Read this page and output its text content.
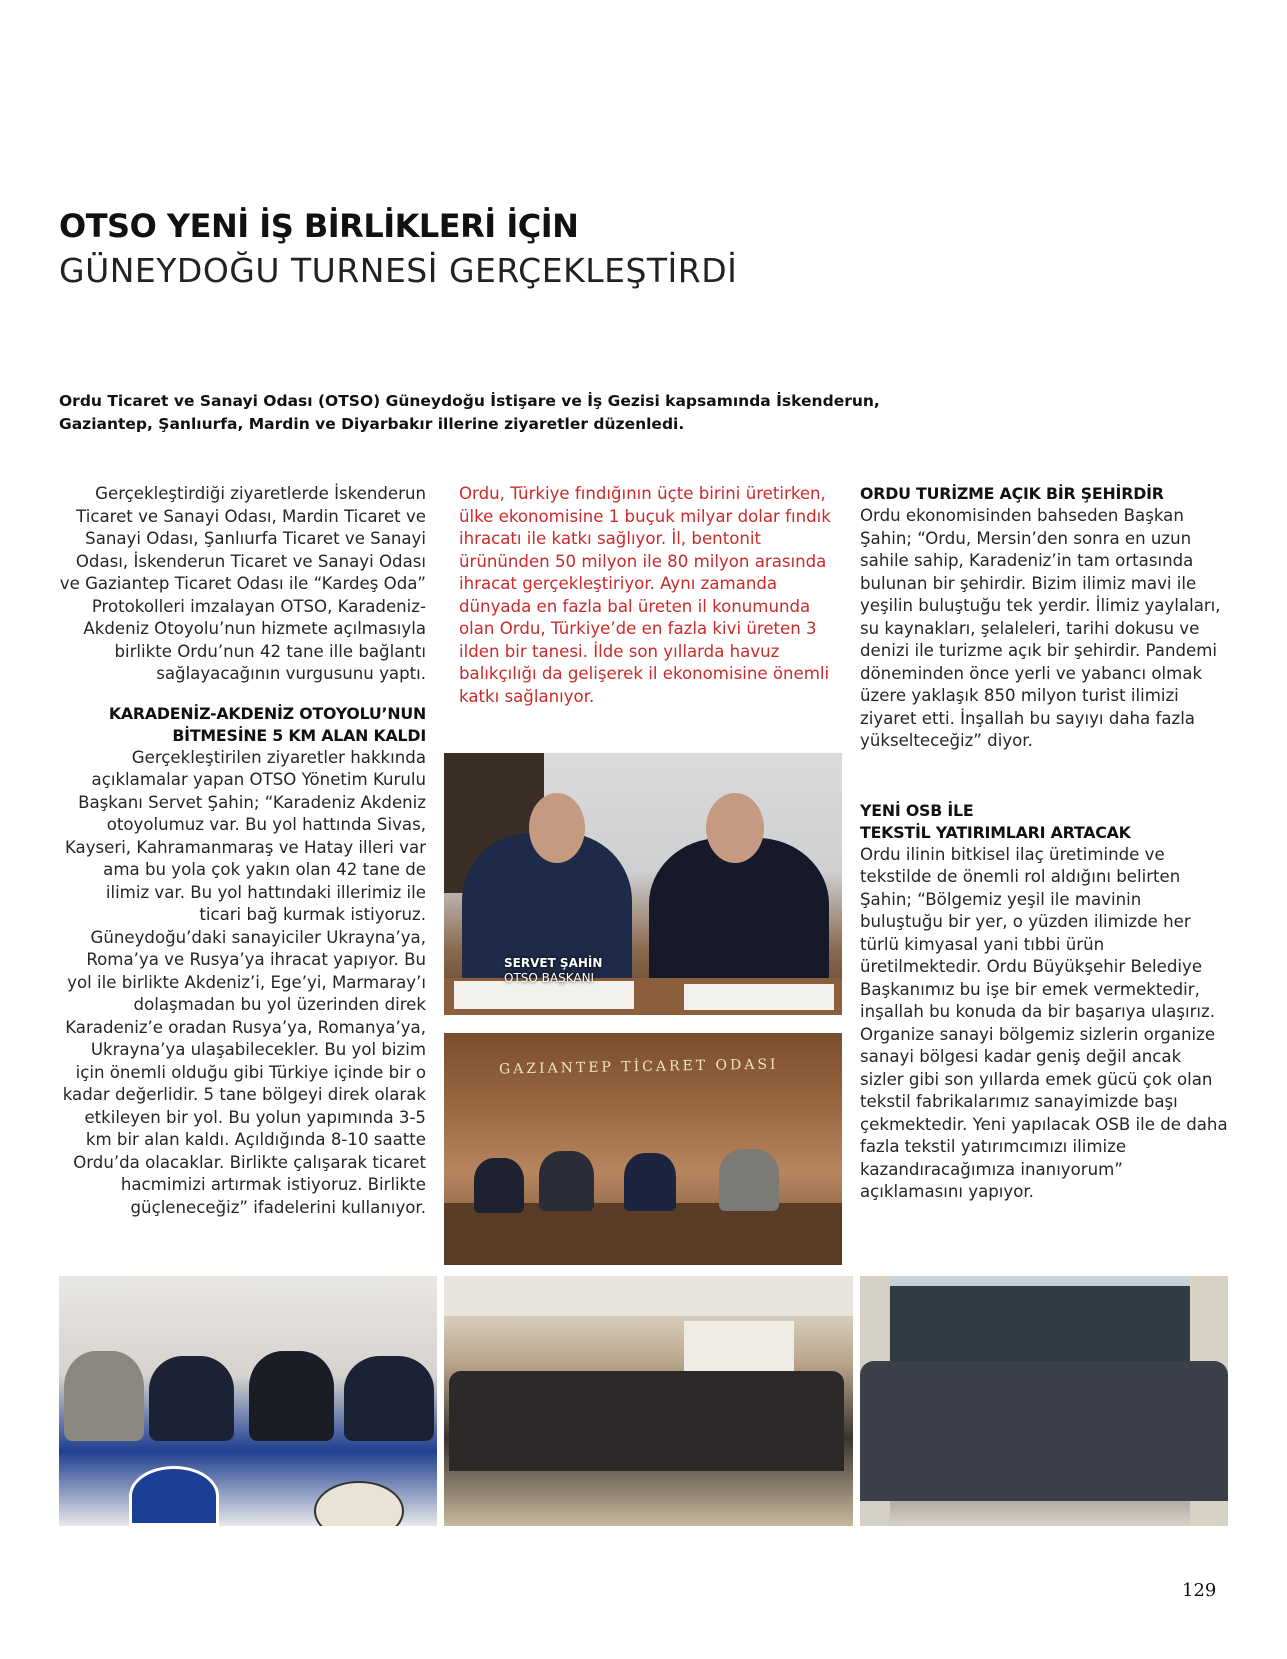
OTSO YENİ İŞ BİRLİKLERİ İÇİN
GÜNEYDOĞU TURNESİ GERÇEKLEŞTİRDİ

Ordu Ticaret ve Sanayi Odası (OTSO) Güneydoğu İstişare ve İş Gezisi kapsamında İskenderun, Gaziantep, Şanlıurfa, Mardin ve Diyarbakır illerine ziyaretler düzenledi.

Gerçekleştirdiği ziyaretlerde İskenderun Ticaret ve Sanayi Odası, Mardin Ticaret ve Sanayi Odası, Şanlıurfa Ticaret ve Sanayi Odası, İskenderun Ticaret ve Sanayi Odası ve Gaziantep Ticaret Odası ile “Kardeş Oda” Protokolleri imzalayan OTSO, Karadeniz-Akdeniz Otoyolu’nun hizmete açılmasıyla birlikte Ordu’nun 42 tane ille bağlantı sağlayacağının vurgusunu yaptı.

KARADENİZ-AKDENİZ OTOYOLU’NUN BİTMESİNE 5 KM ALAN KALDI

Gerçekleştirilen ziyaretler hakkında açıklamalar yapan OTSO Yönetim Kurulu Başkanı Servet Şahin; “Karadeniz Akdeniz otoyolumuz var. Bu yol hattında Sivas, Kayseri, Kahramanmaraş ve Hatay illeri var ama bu yola çok yakın olan 42 tane de ilimiz var. Bu yol hattındaki illerimiz ile ticari bağ kurmak istiyoruz. Güneydoğu’daki sanayiciler Ukrayna’ya, Roma’ya ve Rusya’ya ihracat yapıyor. Bu yol ile birlikte Akdeniz’i, Ege’yi, Marmaray’ı dolaşmadan bu yol üzerinden direk Karadeniz’e oradan Rusya’ya, Romanya’ya, Ukrayna’ya ulaşabilecekler. Bu yol bizim için önemli olduğu gibi Türkiye içinde bir o kadar değerlidir. 5 tane bölgeyi direk olarak etkileyen bir yol. Bu yolun yapımında 3-5 km bir alan kaldı. Açıldığında 8-10 saatte Ordu’da olacaklar. Birlikte çalışarak ticaret hacmimizi artırmak istiyoruz. Birlikte güçleneceğiz” ifadelerini kullanıyor.

Ordu, Türkiye fındığının üçte birini üretirken, ülke ekonomisine 1 buçuk milyar dolar fındık ihracatı ile katkı sağlıyor. İl, bentonit ürününden 50 milyon ile 80 milyon arasında ihracat gerçekleştiriyor. Aynı zamanda dünyada en fazla bal üreten il konumunda olan Ordu, Türkiye’de en fazla kivi üreten 3 ilden bir tanesi. İlde son yıllarda havuz balıkçılığı da gelişerek il ekonomisine önemli katkı sağlanıyor.

ORDU TURİZME AÇIK BİR ŞEHİRDİR

Ordu ekonomisinden bahseden Başkan Şahin; “Ordu, Mersin’den sonra en uzun sahile sahip, Karadeniz’in tam ortasında bulunan bir şehirdir. Bizim ilimiz mavi ile yeşilin buluştuğu tek yerdir. İlimiz yaylaları, su kaynakları, şelaleleri, tarihi dokusu ve denizi ile turizme açık bir şehirdir. Pandemi döneminden önce yerli ve yabancı olmak üzere yaklaşık 850 milyon turist ilimizi ziyaret etti. İnşallah bu sayıyı daha fazla yükselteceğiz” diyor.

YENİ OSB İLE
TEKSTİL YATIRIMLARI ARTACAK

Ordu ilinin bitkisel ilaç üretiminde ve tekstilde de önemli rol aldığını belirten Şahin; “Bölgemiz yeşil ile mavinin buluştuğu bir yer, o yüzden ilimizde her türlü kimyasal yani tıbbi ürün üretilmektedir. Ordu Büyükşehir Belediye Başkanımız bu işe bir emek vermektedir, inşallah bu konuda da bir başarıya ulaşırız. Organize sanayi bölgemiz sizlerin organize sanayi bölgesi kadar geniş değil ancak sizler gibi son yıllarda emek gücü çok olan tekstil fabrikalarımız sanayimizde başı çekmektedir. Yeni yapılacak OSB ile de daha fazla tekstil yatırımcımızı ilimize kazandıracağımıza inanıyorum” açıklamasını yapıyor.

SERVET ŞAHİN
OTSO BAŞKANI
GAZIANTEP TİCARET ODASI
129
